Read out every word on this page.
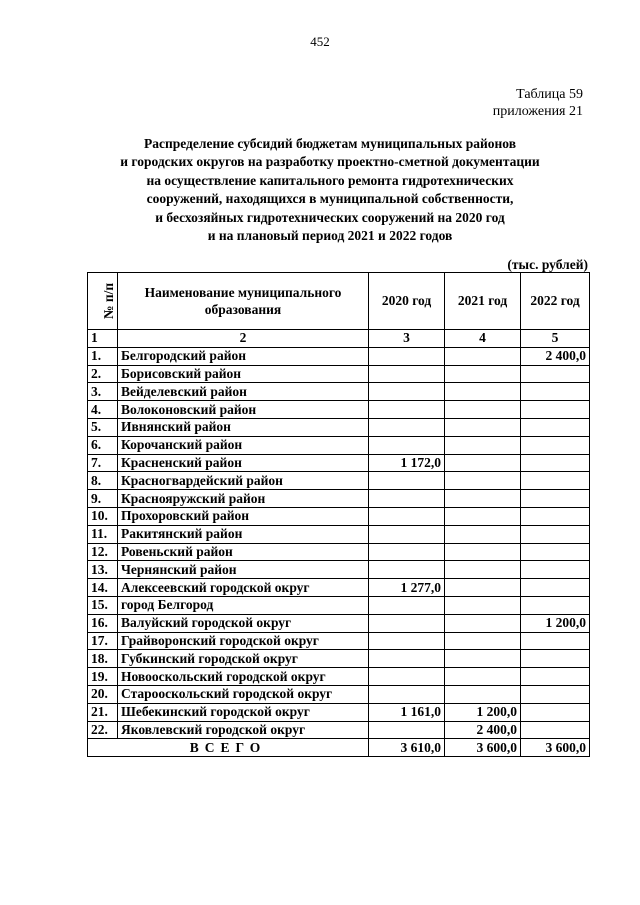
452
Таблица 59
приложения 21
Распределение субсидий бюджетам муниципальных районов
и городских округов на разработку проектно-сметной документации
на осуществление капитального ремонта гидротехнических
сооружений, находящихся в муниципальной собственности,
и бесхозяйных гидротехнических сооружений на 2020 год
и на плановый период 2021 и 2022 годов
(тыс. рублей)
№ п/п	Наименование муниципального образования	2020 год	2021 год	2022 год
1	2	3	4	5
1.	Белгородский район			2 400,0
2.	Борисовский район			
3.	Вейделевский район			
4.	Волоконовский район			
5.	Ивнянский район			
6.	Корочанский район			
7.	Красненский район	1 172,0		
8.	Красногвардейский район			
9.	Краснояружский район			
10.	Прохоровский район			
11.	Ракитянский район			
12.	Ровеньский район			
13.	Чернянский район			
14.	Алексеевский городской округ	1 277,0		
15.	город Белгород			
16.	Валуйский городской округ			1 200,0
17.	Грайворонский городской округ			
18.	Губкинский городской округ			
19.	Новооскольский городской округ			
20.	Старооскольский городской округ			
21.	Шебекинский городской округ	1 161,0	1 200,0	
22.	Яковлевский городской округ		2 400,0	
ВСЕГО		3 610,0	3 600,0	3 600,0
